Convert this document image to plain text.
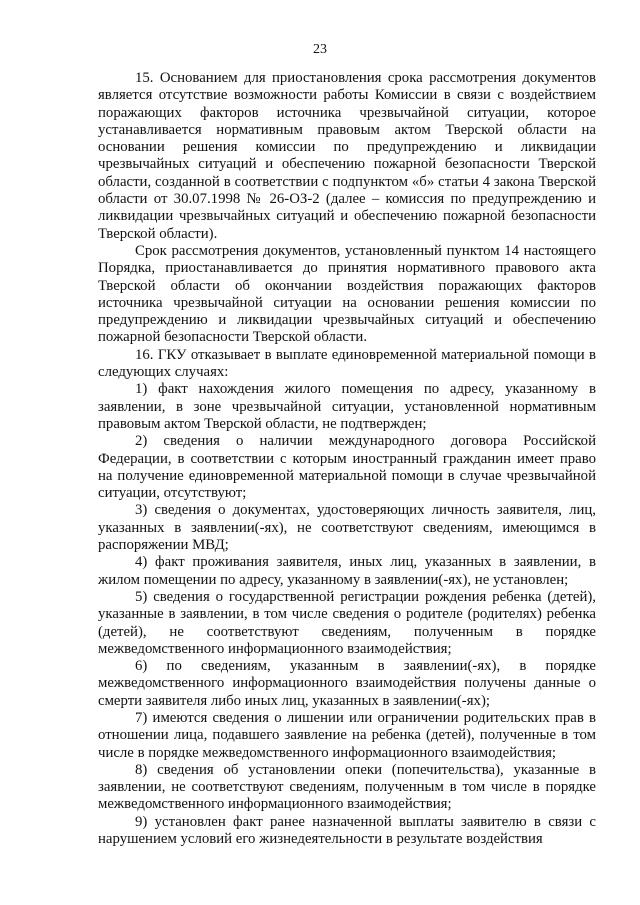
23

15. Основанием для приостановления срока рассмотрения документов является отсутствие возможности работы Комиссии в связи с воздействием поражающих факторов источника чрезвычайной ситуации, которое устанавливается нормативным правовым актом Тверской области на основании решения комиссии по предупреждению и ликвидации чрезвычайных ситуаций и обеспечению пожарной безопасности Тверской области, созданной в соответствии с подпунктом «б» статьи 4 закона Тверской области от 30.07.1998 № 26-ОЗ-2 (далее – комиссия по предупреждению и ликвидации чрезвычайных ситуаций и обеспечению пожарной безопасности Тверской области).

Срок рассмотрения документов, установленный пунктом 14 настоящего Порядка, приостанавливается до принятия нормативного правового акта Тверской области об окончании воздействия поражающих факторов источника чрезвычайной ситуации на основании решения комиссии по предупреждению и ликвидации чрезвычайных ситуаций и обеспечению пожарной безопасности Тверской области.

16. ГКУ отказывает в выплате единовременной материальной помощи в следующих случаях:

1) факт нахождения жилого помещения по адресу, указанному в заявлении, в зоне чрезвычайной ситуации, установленной нормативным правовым актом Тверской области, не подтвержден;

2) сведения о наличии международного договора Российской Федерации, в соответствии с которым иностранный гражданин имеет право на получение единовременной материальной помощи в случае чрезвычайной ситуации, отсутствуют;

3) сведения о документах, удостоверяющих личность заявителя, лиц, указанных в заявлении(-ях), не соответствуют сведениям, имеющимся в распоряжении МВД;

4) факт проживания заявителя, иных лиц, указанных в заявлении, в жилом помещении по адресу, указанному в заявлении(-ях), не установлен;

5) сведения о государственной регистрации рождения ребенка (детей), указанные в заявлении, в том числе сведения о родителе (родителях) ребенка (детей), не соответствуют сведениям, полученным в порядке межведомственного информационного взаимодействия;

6) по сведениям, указанным в заявлении(-ях), в порядке межведомственного информационного взаимодействия получены данные о смерти заявителя либо иных лиц, указанных в заявлении(-ях);

7) имеются сведения о лишении или ограничении родительских прав в отношении лица, подавшего заявление на ребенка (детей), полученные в том числе в порядке межведомственного информационного взаимодействия;

8) сведения об установлении опеки (попечительства), указанные в заявлении, не соответствуют сведениям, полученным в том числе в порядке межведомственного информационного взаимодействия;

9) установлен факт ранее назначенной выплаты заявителю в связи с нарушением условий его жизнедеятельности в результате воздействия
